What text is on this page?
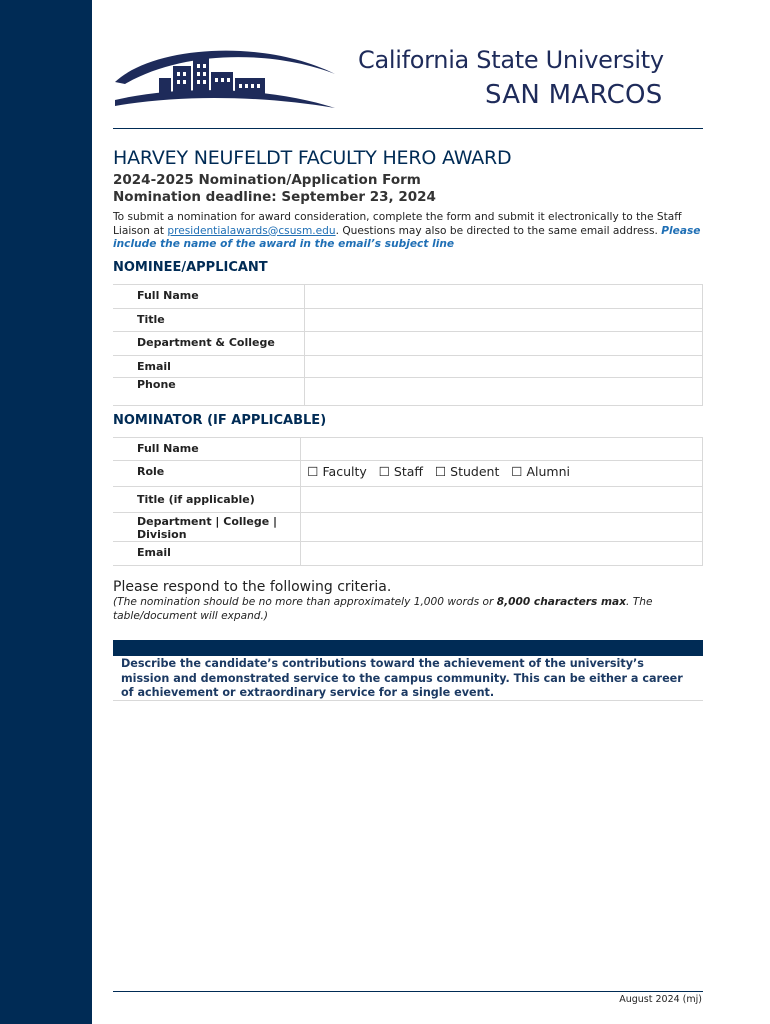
California State University
SAN MARCOS
HARVEY NEUFELDT FACULTY HERO AWARD
2024-2025 Nomination/Application Form
Nomination deadline: September 23, 2024
To submit a nomination for award consideration, complete the form and submit it electronically to the Staff Liaison at presidentialawards@csusm.edu. Questions may also be directed to the same email address. Please include the name of the award in the email’s subject line
NOMINEE/APPLICANT
Full Name	
Title	
Department & College	
Email	
Phone	
NOMINATOR (IF APPLICABLE)
Full Name	
Role	☐ Faculty ☐ Staff ☐ Student ☐ Alumni
Title (if applicable)	
Department | College | Division	
Email	
Please respond to the following criteria.
(The nomination should be no more than approximately 1,000 words or 8,000 characters max. The table/document will expand.)
Describe the candidate’s contributions toward the achievement of the university’s mission and demonstrated service to the campus community. This can be either a career of achievement or extraordinary service for a single event.
August 2024 (mj)
